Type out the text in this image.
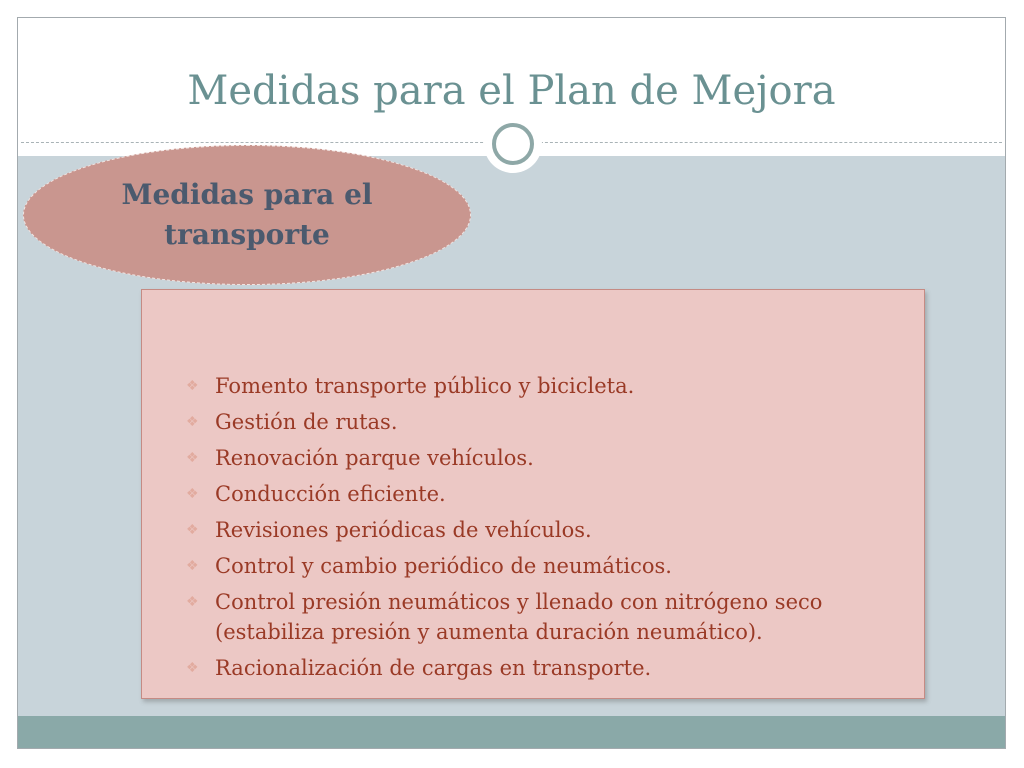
Medidas para el Plan de Mejora
Medidas para el
transporte
❖ Fomento transporte público y bicicleta.
❖ Gestión de rutas.
❖ Renovación parque vehículos.
❖ Conducción eficiente.
❖ Revisiones periódicas de vehículos.
❖ Control y cambio periódico de neumáticos.
❖ Control presión neumáticos y llenado con nitrógeno seco (estabiliza presión y aumenta duración neumático).
❖ Racionalización de cargas en transporte.
